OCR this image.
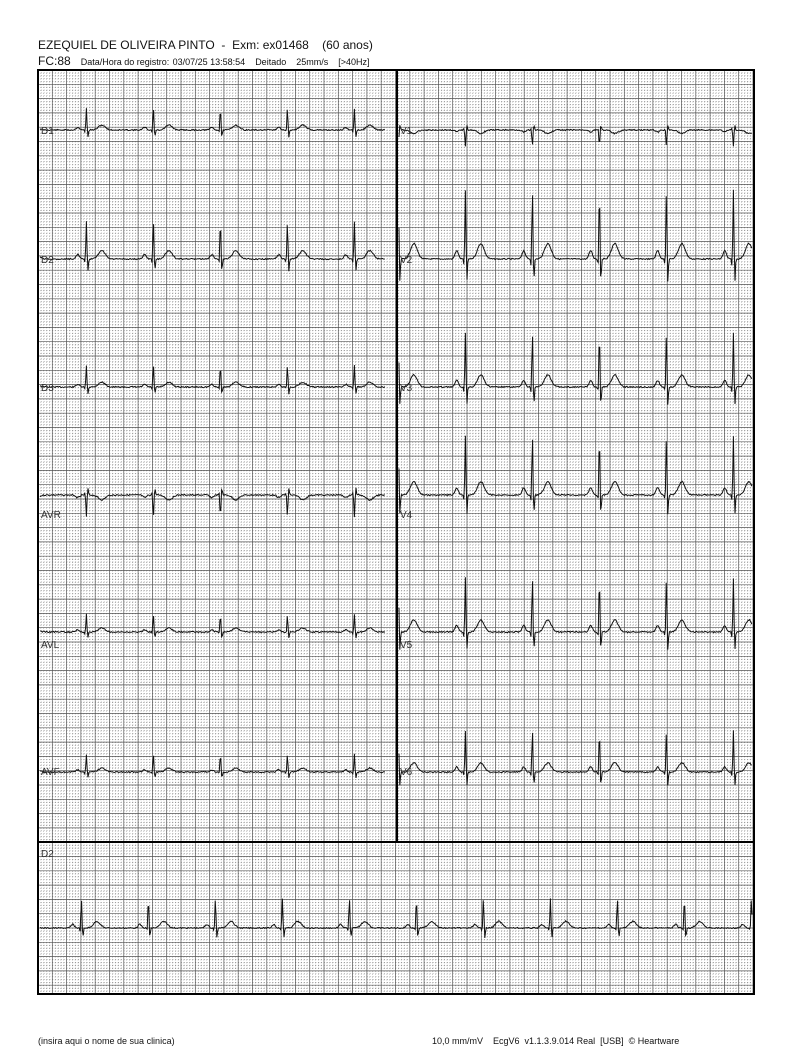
EZEQUIEL DE OLIVEIRA PINTO - Exm: ex01468 (60 anos)
FC:88 Data/Hora do registro: 03/07/25 13:58:54 Deitado 25mm/s [>40Hz]
D1
D2
D3
AVR
AVL
AVF
V1
V2
V3
V4
V5
V6
D2
(insira aqui o nome de sua clinica)	10,0 mm/mV EcgV6  v1.1.3.9.014 Real  [USB]  © Heartware
